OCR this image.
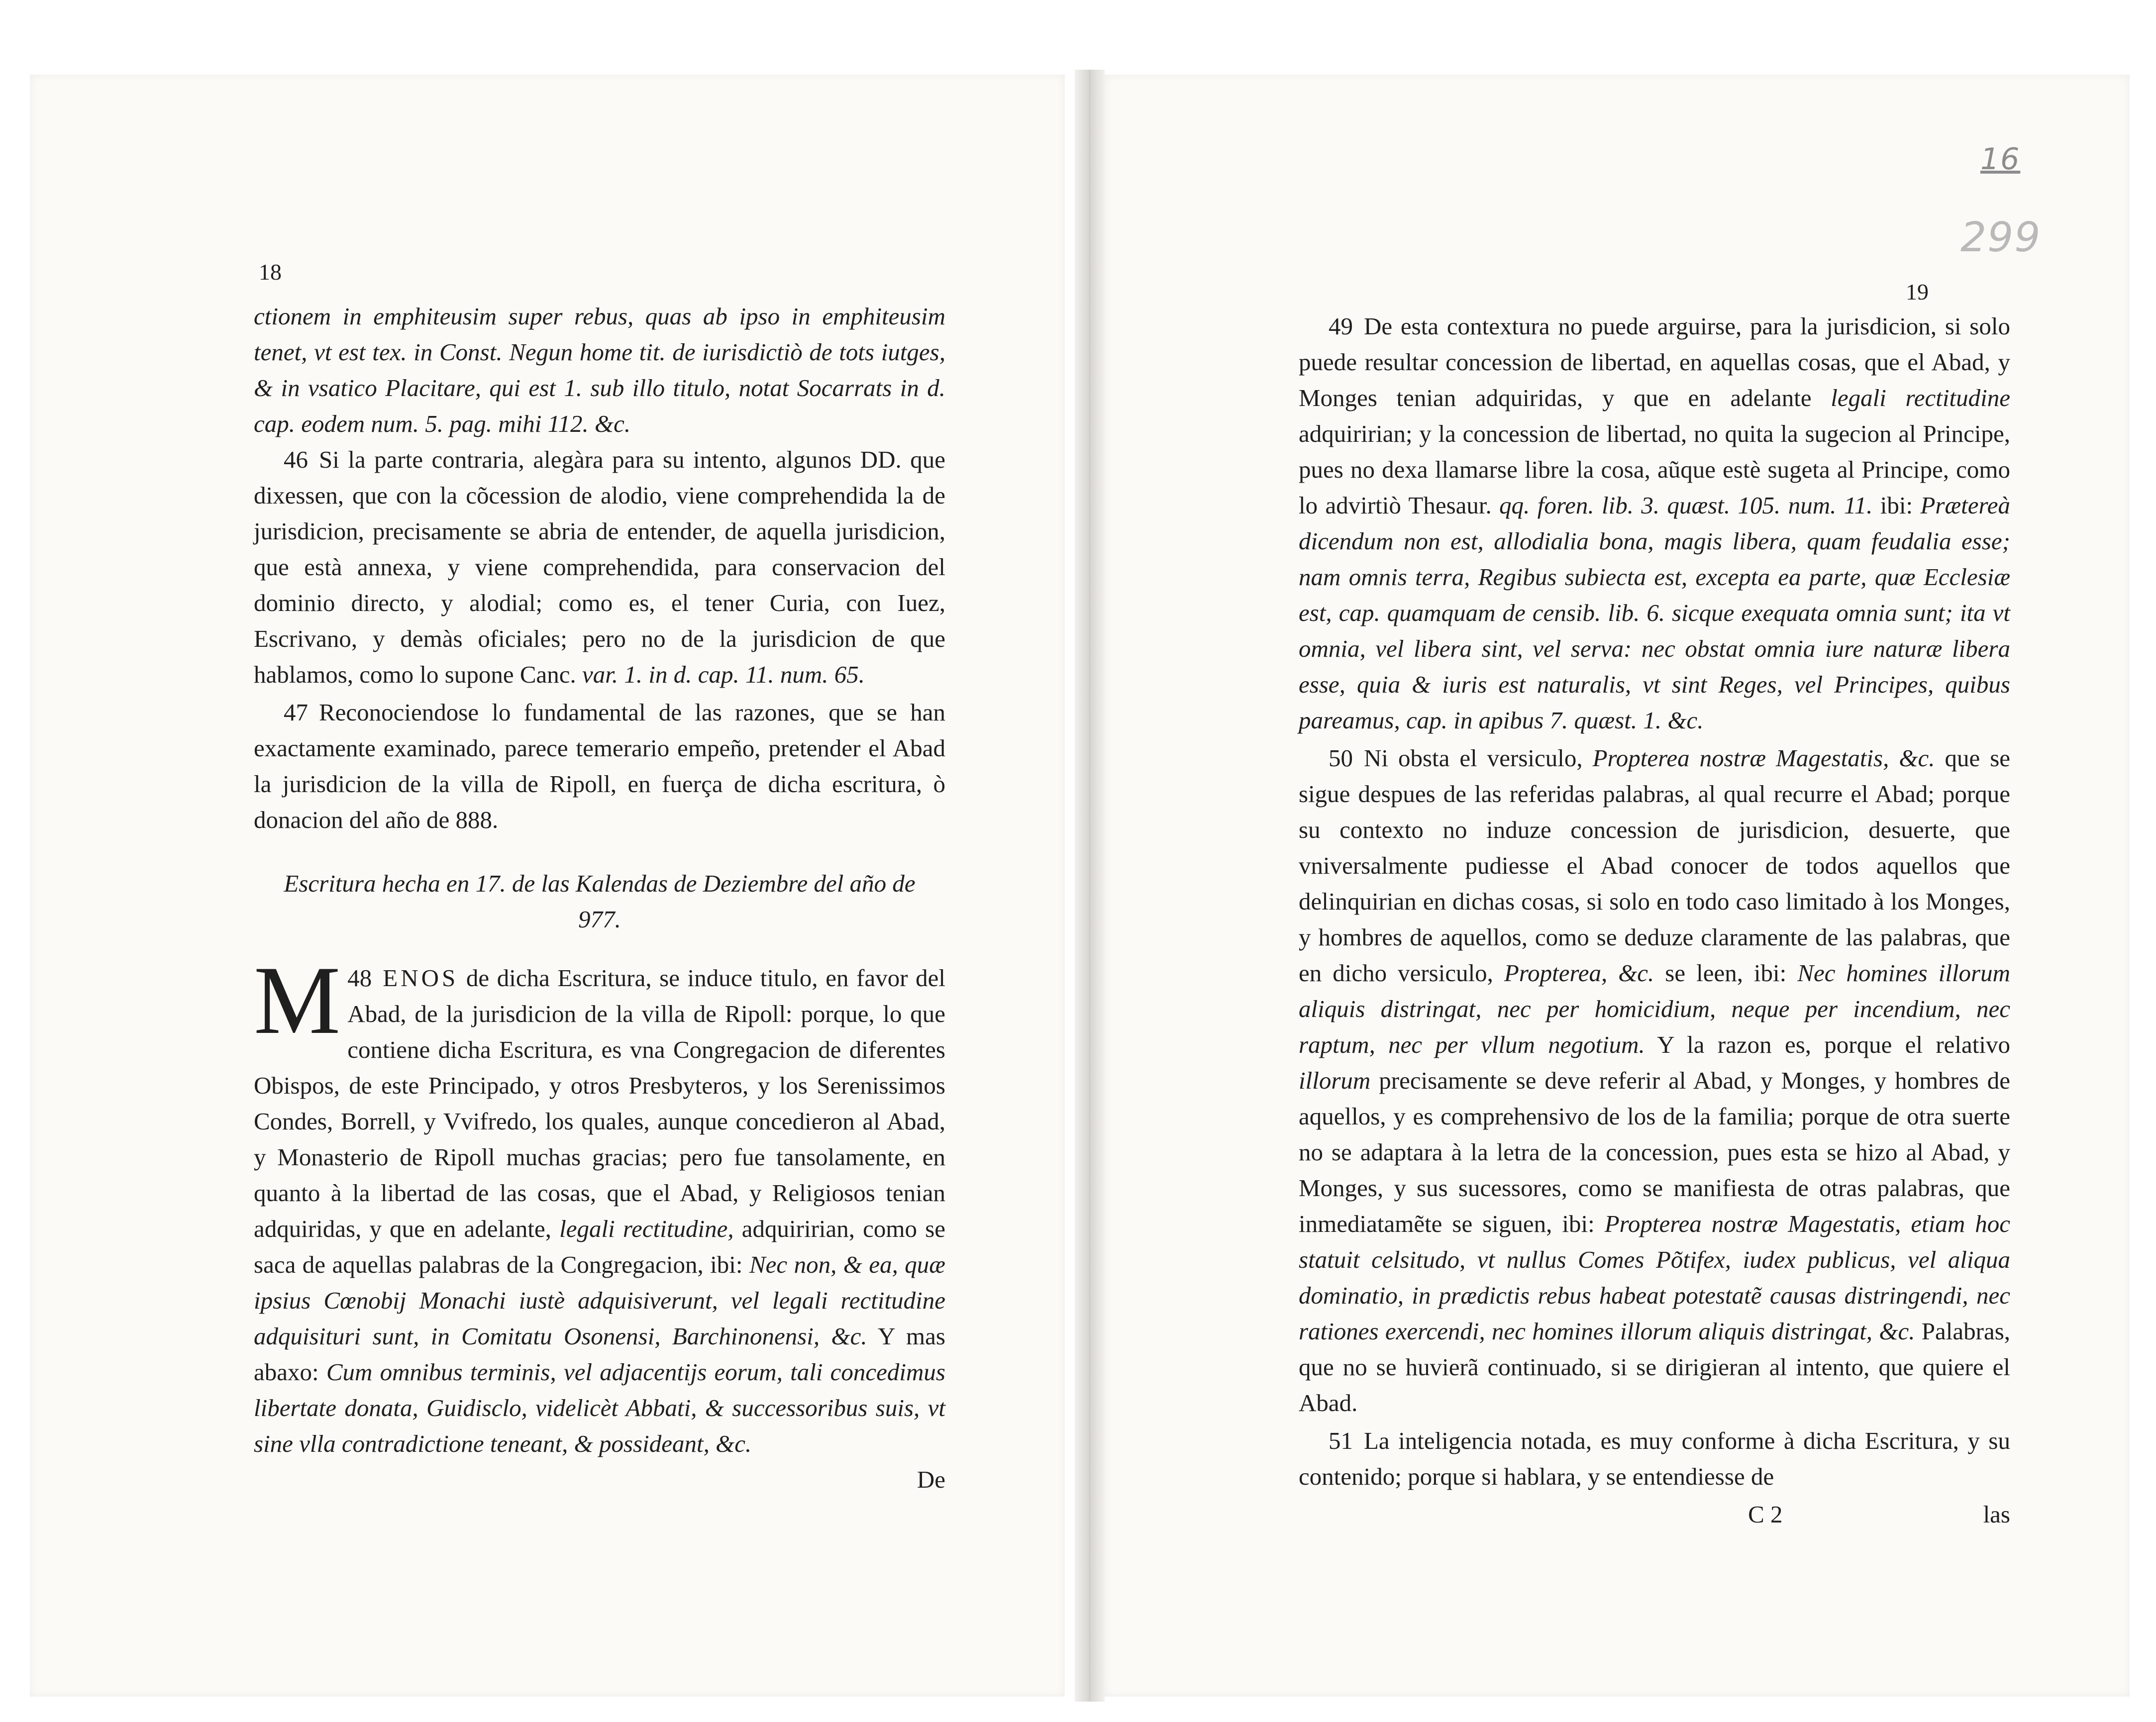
18

ctionem in emphiteusim super rebus, quas ab ipso in emphiteusim tenet, vt est tex. in Const. Negun home tit. de iurisdictiò de tots iutges, & in vsatico Placitare, qui est 1. sub illo titulo, notat Socarrats in d. cap. eodem num. 5. pag. mihi 112. &c.

46 Si la parte contraria, alegàra para su intento, algunos DD. que dixessen, que con la cõcession de alodio, viene comprehendida la de jurisdicion, precisamente se abria de entender, de aquella jurisdicion, que està annexa, y viene comprehendida, para conservacion del dominio directo, y alodial; como es, el tener Curia, con Iuez, Escrivano, y demàs oficiales; pero no de la jurisdicion de que hablamos, como lo supone Canc. var. 1. in d. cap. 11. num. 65.

47 Reconociendose lo fundamental de las razones, que se han exactamente examinado, parece temerario empeño, pretender el Abad la jurisdicion de la villa de Ripoll, en fuerça de dicha escritura, ò donacion del año de 888.

Escritura hecha en 17. de las Kalendas de Deziembre del año de 977.

48
M ENOS de dicha Escritura, se induce titulo, en favor del Abad, de la jurisdicion de la villa de Ripoll: porque, lo que contiene dicha Escritura, es vna Congregacion de diferentes Obispos, de este Principado, y otros Presbyteros, y los Serenissimos Condes, Borrell, y Vvifredo, los quales, aunque concedieron al Abad, y Monasterio de Ripoll muchas gracias; pero fue tansolamente, en quanto à la libertad de las cosas, que el Abad, y Religiosos tenian adquiridas, y que en adelante, legali rectitudine, adquiririan, como se saca de aquellas palabras de la Congregacion, ibi: Nec non, & ea, quæ ipsius Cœnobij Monachi iustè adquisiverunt, vel legali rectitudine adquisituri sunt, in Comitatu Osonensi, Barchinonensi, &c. Y mas abaxo: Cum omnibus terminis, vel adjacentijs eorum, tali concedimus libertate donata, Guidisclo, videlicèt Abbati, & successoribus suis, vt sine vlla contradictione teneant, & possideant, &c.

De
16
299
19

49 De esta contextura no puede arguirse, para la jurisdicion, si solo puede resultar concession de libertad, en aquellas cosas, que el Abad, y Monges tenian adquiridas, y que en adelante legali rectitudine adquiririan; y la concession de libertad, no quita la sugecion al Principe, pues no dexa llamarse libre la cosa, aũque estè sugeta al Principe, como lo advirtiò Thesaur. qq. foren. lib. 3. quæst. 105. num. 11. ibi: Prætereà dicendum non est, allodialia bona, magis libera, quam feudalia esse; nam omnis terra, Regibus subiecta est, excepta ea parte, quæ Ecclesiæ est, cap. quamquam de censib. lib. 6. sicque exequata omnia sunt; ita vt omnia, vel libera sint, vel serva: nec obstat omnia iure naturæ libera esse, quia & iuris est naturalis, vt sint Reges, vel Principes, quibus pareamus, cap. in apibus 7. quæst. 1. &c.

50 Ni obsta el versiculo, Propterea nostræ Magestatis, &c. que se sigue despues de las referidas palabras, al qual recurre el Abad; porque su contexto no induze concession de jurisdicion, desuerte, que vniversalmente pudiesse el Abad conocer de todos aquellos que delinquirian en dichas cosas, si solo en todo caso limitado à los Monges, y hombres de aquellos, como se deduze claramente de las palabras, que en dicho versiculo, Propterea, &c. se leen, ibi: Nec homines illorum aliquis distringat, nec per homicidium, neque per incendium, nec raptum, nec per vllum negotium. Y la razon es, porque el relativo illorum precisamente se deve referir al Abad, y Monges, y hombres de aquellos, y es comprehensivo de los de la familia; porque de otra suerte no se adaptara à la letra de la concession, pues esta se hizo al Abad, y Monges, y sus sucessores, como se manifiesta de otras palabras, que inmediatamẽte se siguen, ibi: Propterea nostræ Magestatis, etiam hoc statuit celsitudo, vt nullus Comes Põtifex, iudex publicus, vel aliqua dominatio, in prædictis rebus habeat potestatẽ causas distringendi, nec rationes exercendi, nec homines illorum aliquis distringat, &c. Palabras, que no se huvierã continuado, si se dirigieran al intento, que quiere el Abad.

51 La inteligencia notada, es muy conforme à dicha Escritura, y su contenido; porque si hablara, y se entendiesse de

C 2	las
